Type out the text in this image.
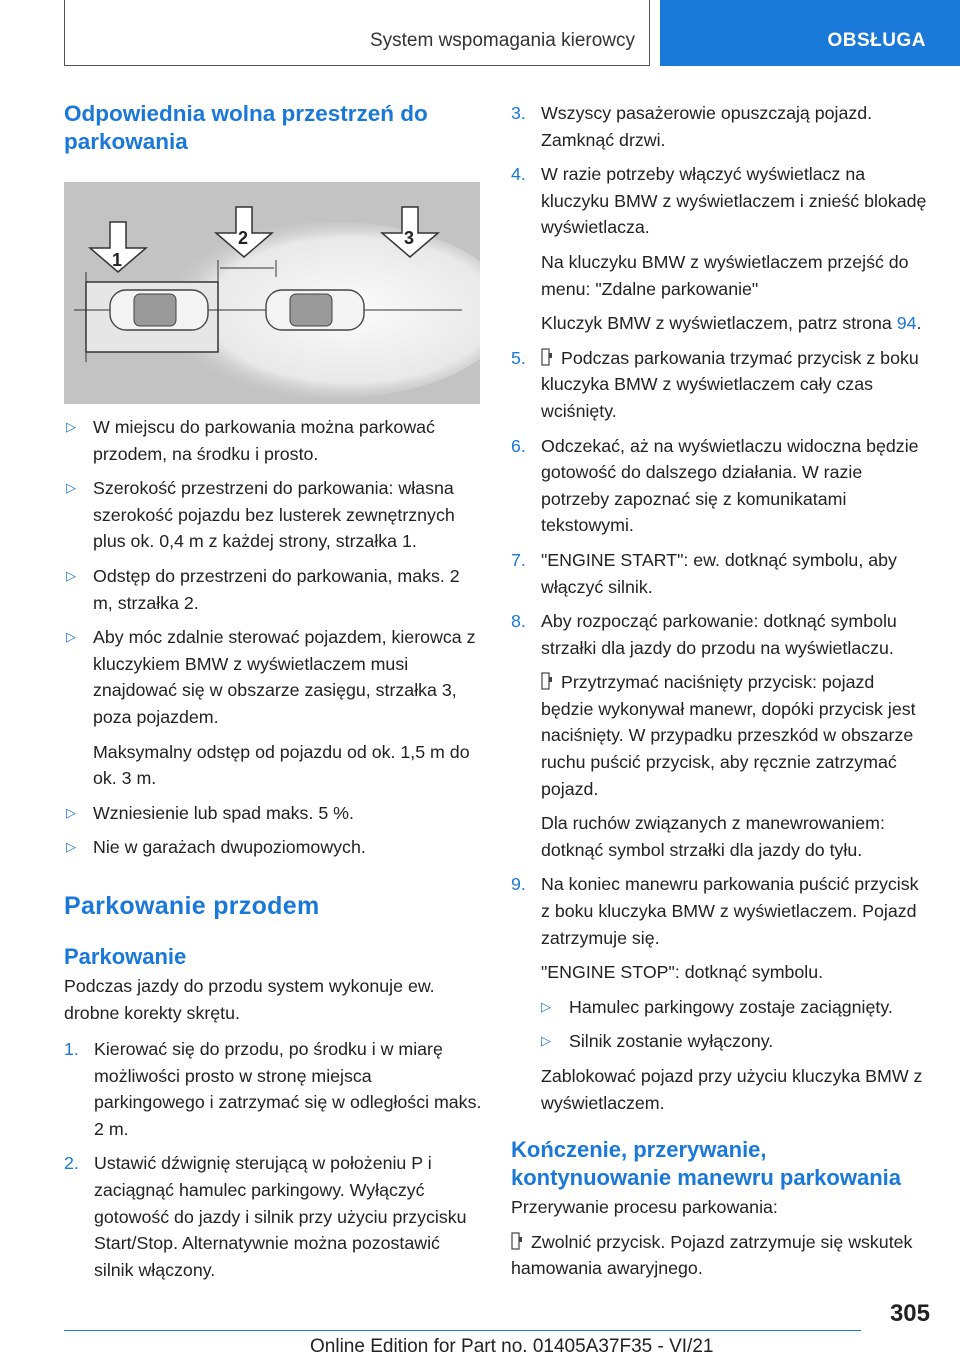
System wspomagania kierowcy	OBSŁUGA
Odpowiednia wolna przestrzeń do parkowania
1
2	3
▷ W miejscu do parkowania można parkować przodem, na środku i prosto.
▷ Szerokość przestrzeni do parkowania: własna szerokość pojazdu bez lusterek zewnętrznych plus ok. 0,4 m z każdej strony, strzałka 1.
▷ Odstęp do przestrzeni do parkowania, maks. 2 m, strzałka 2.
▷ Aby móc zdalnie sterować pojazdem, kierowca z kluczykiem BMW z wyświetlaczem musi znajdować się w obszarze zasięgu, strzałka 3, poza pojazdem.
Maksymalny odstęp od pojazdu od ok. 1,5 m do ok. 3 m.
▷ Wzniesienie lub spad maks. 5 %.
▷ Nie w garażach dwupoziomowych.
Parkowanie przodem
Parkowanie

Podczas jazdy do przodu system wykonuje ew. drobne korekty skrętu.

1. Kierować się do przodu, po środku i w miarę możliwości prosto w stronę miejsca parkingowego i zatrzymać się w odległości maks. 2 m.
2. Ustawić dźwignię sterującą w położeniu P i zaciągnąć hamulec parkingowy. Wyłączyć gotowość do jazdy i silnik przy użyciu przycisku Start/Stop. Alternatywnie można pozostawić silnik włączony.
3. Wszyscy pasażerowie opuszczają pojazd. Zamknąć drzwi.
4. W razie potrzeby włączyć wyświetlacz na kluczyku BMW z wyświetlaczem i znieść blokadę wyświetlacza.
Na kluczyku BMW z wyświetlaczem przejść do menu: "Zdalne parkowanie"
Kluczyk BMW z wyświetlaczem, patrz strona 94.
5. Podczas parkowania trzymać przycisk z boku kluczyka BMW z wyświetlaczem cały czas wciśnięty.
6. Odczekać, aż na wyświetlaczu widoczna będzie gotowość do dalszego działania. W razie potrzeby zapoznać się z komunikatami tekstowymi.
7. "ENGINE START": ew. dotknąć symbolu, aby włączyć silnik.
8. Aby rozpocząć parkowanie: dotknąć symbolu strzałki dla jazdy do przodu na wyświetlaczu.
Przytrzymać naciśnięty przycisk: pojazd będzie wykonywał manewr, dopóki przycisk jest naciśnięty. W przypadku przeszkód w obszarze ruchu puścić przycisk, aby ręcznie zatrzymać pojazd.
Dla ruchów związanych z manewrowaniem: dotknąć symbol strzałki dla jazdy do tyłu.
9. Na koniec manewru parkowania puścić przycisk z boku kluczyka BMW z wyświetlaczem. Pojazd zatrzymuje się.
"ENGINE STOP": dotknąć symbolu.
▷ Hamulec parkingowy zostaje zaciągnięty.
▷ Silnik zostanie wyłączony.
Zablokować pojazd przy użyciu kluczyka BMW z wyświetlaczem.
Kończenie, przerywanie, kontynuowanie manewru parkowania

Przerywanie procesu parkowania:

Zwolnić przycisk. Pojazd zatrzymuje się wskutek hamowania awaryjnego.

305
Online Edition for Part no. 01405A37F35 - VI/21
